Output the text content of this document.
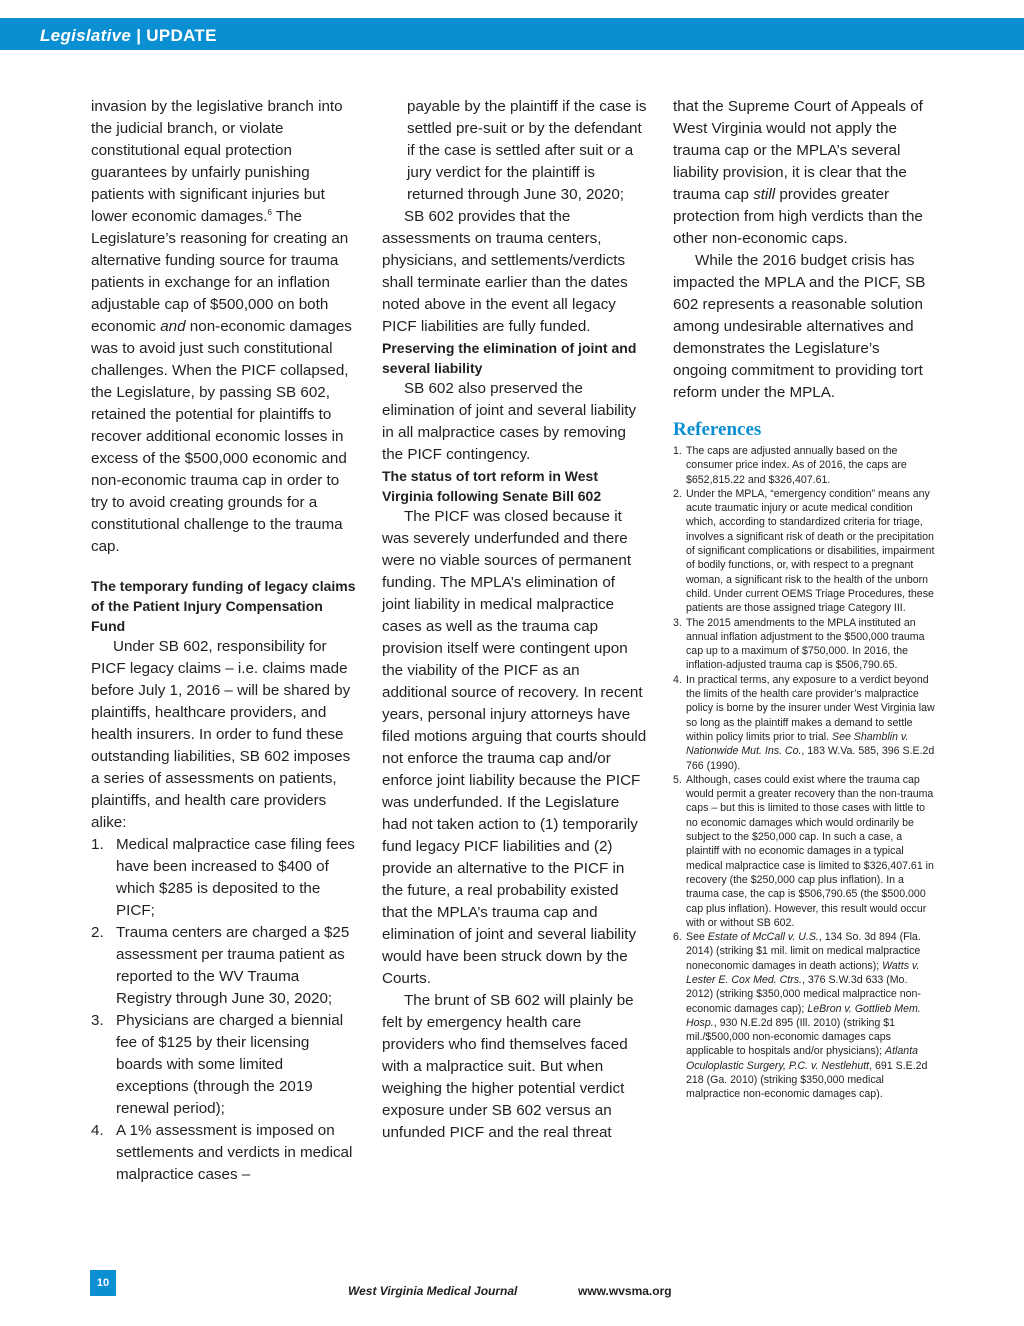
Legislative | UPDATE

invasion by the legislative branch into the judicial branch, or violate constitutional equal protection guarantees by unfairly punishing patients with significant injuries but lower economic damages.$^6$ The Legislature’s reasoning for creating an alternative funding source for trauma patients in exchange for an inflation adjustable cap of $500,000 on both economic and non-economic damages was to avoid just such constitutional challenges. When the PICF collapsed, the Legislature, by passing SB 602, retained the potential for plaintiffs to recover additional economic losses in excess of the $500,000 economic and non-economic trauma cap in order to try to avoid creating grounds for a constitutional challenge to the trauma cap.

The temporary funding of legacy claims of the Patient Injury Compensation Fund

Under SB 602, responsibility for PICF legacy claims – i.e. claims made before July 1, 2016 – will be shared by plaintiffs, healthcare providers, and health insurers. In order to fund these outstanding liabilities, SB 602 imposes a series of assessments on patients, plaintiffs, and health care providers alike:

1. Medical malpractice case filing fees have been increased to $400 of which $285 is deposited to the PICF;
2. Trauma centers are charged a $25 assessment per trauma patient as reported to the WV Trauma Registry through June 30, 2020;
3. Physicians are charged a biennial fee of $125 by their licensing boards with some limited exceptions (through the 2019 renewal period);
4. A 1% assessment is imposed on settlements and verdicts in medical malpractice cases –

payable by the plaintiff if the case is settled pre-suit or by the defendant if the case is settled after suit or a jury verdict for the plaintiff is returned through June 30, 2020;

SB 602 provides that the assessments on trauma centers, physicians, and settlements/verdicts shall terminate earlier than the dates noted above in the event all legacy PICF liabilities are fully funded.

Preserving the elimination of joint and several liability

SB 602 also preserved the elimination of joint and several liability in all malpractice cases by removing the PICF contingency.

The status of tort reform in West Virginia following Senate Bill 602

The PICF was closed because it was severely underfunded and there were no viable sources of permanent funding. The MPLA’s elimination of joint liability in medical malpractice cases as well as the trauma cap provision itself were contingent upon the viability of the PICF as an additional source of recovery. In recent years, personal injury attorneys have filed motions arguing that courts should not enforce the trauma cap and/or enforce joint liability because the PICF was underfunded. If the Legislature had not taken action to (1) temporarily fund legacy PICF liabilities and (2) provide an alternative to the PICF in the future, a real probability existed that the MPLA’s trauma cap and elimination of joint and several liability would have been struck down by the Courts.

The brunt of SB 602 will plainly be felt by emergency health care providers who find themselves faced with a malpractice suit. But when weighing the higher potential verdict exposure under SB 602 versus an unfunded PICF and the real threat

that the Supreme Court of Appeals of West Virginia would not apply the trauma cap or the MPLA’s several liability provision, it is clear that the trauma cap still provides greater protection from high verdicts than the other non-economic caps.

While the 2016 budget crisis has impacted the MPLA and the PICF, SB 602 represents a reasonable solution among undesirable alternatives and demonstrates the Legislature’s ongoing commitment to providing tort reform under the MPLA.

References
1. The caps are adjusted annually based on the consumer price index. As of 2016, the caps are $652,815.22 and $326,407.61.
2. Under the MPLA, “emergency condition” means any acute traumatic injury or acute medical condition which, according to standardized criteria for triage, involves a significant risk of death or the precipitation of significant complications or disabilities, impairment of bodily functions, or, with respect to a pregnant woman, a significant risk to the health of the unborn child. Under current OEMS Triage Procedures, these patients are those assigned triage Category III.
3. The 2015 amendments to the MPLA instituted an annual inflation adjustment to the $500,000 trauma cap up to a maximum of $750,000. In 2016, the inflation-adjusted trauma cap is $506,790.65.
4. In practical terms, any exposure to a verdict beyond the limits of the health care provider’s malpractice policy is borne by the insurer under West Virginia law so long as the plaintiff makes a demand to settle within policy limits prior to trial. See Shamblin v. Nationwide Mut. Ins. Co., 183 W.Va. 585, 396 S.E.2d 766 (1990).
5. Although, cases could exist where the trauma cap would permit a greater recovery than the non-trauma caps – but this is limited to those cases with little to no economic damages which would ordinarily be subject to the $250,000 cap. In such a case, a plaintiff with no economic damages in a typical medical malpractice case is limited to $326,407.61 in recovery (the $250,000 cap plus inflation). In a trauma case, the cap is $506,790.65 (the $500.000 cap plus inflation). However, this result would occur with or without SB 602.
6. See Estate of McCall v. U.S., 134 So. 3d 894 (Fla. 2014) (striking $1 mil. limit on medical malpractice noneconomic damages in death actions); Watts v. Lester E. Cox Med. Ctrs., 376 S.W.3d 633 (Mo. 2012) (striking $350,000 medical malpractice non-economic damages cap); LeBron v. Gottlieb Mem. Hosp., 930 N.E.2d 895 (Ill. 2010) (striking $1 mil./$500,000 non-economic damages caps applicable to hospitals and/or physicians); Atlanta Oculoplastic Surgery, P.C. v. Nestlehutt, 691 S.E.2d 218 (Ga. 2010) (striking $350,000 medical malpractice non-economic damages cap).
10
West Virginia Medical Journal	www.wvsma.org
